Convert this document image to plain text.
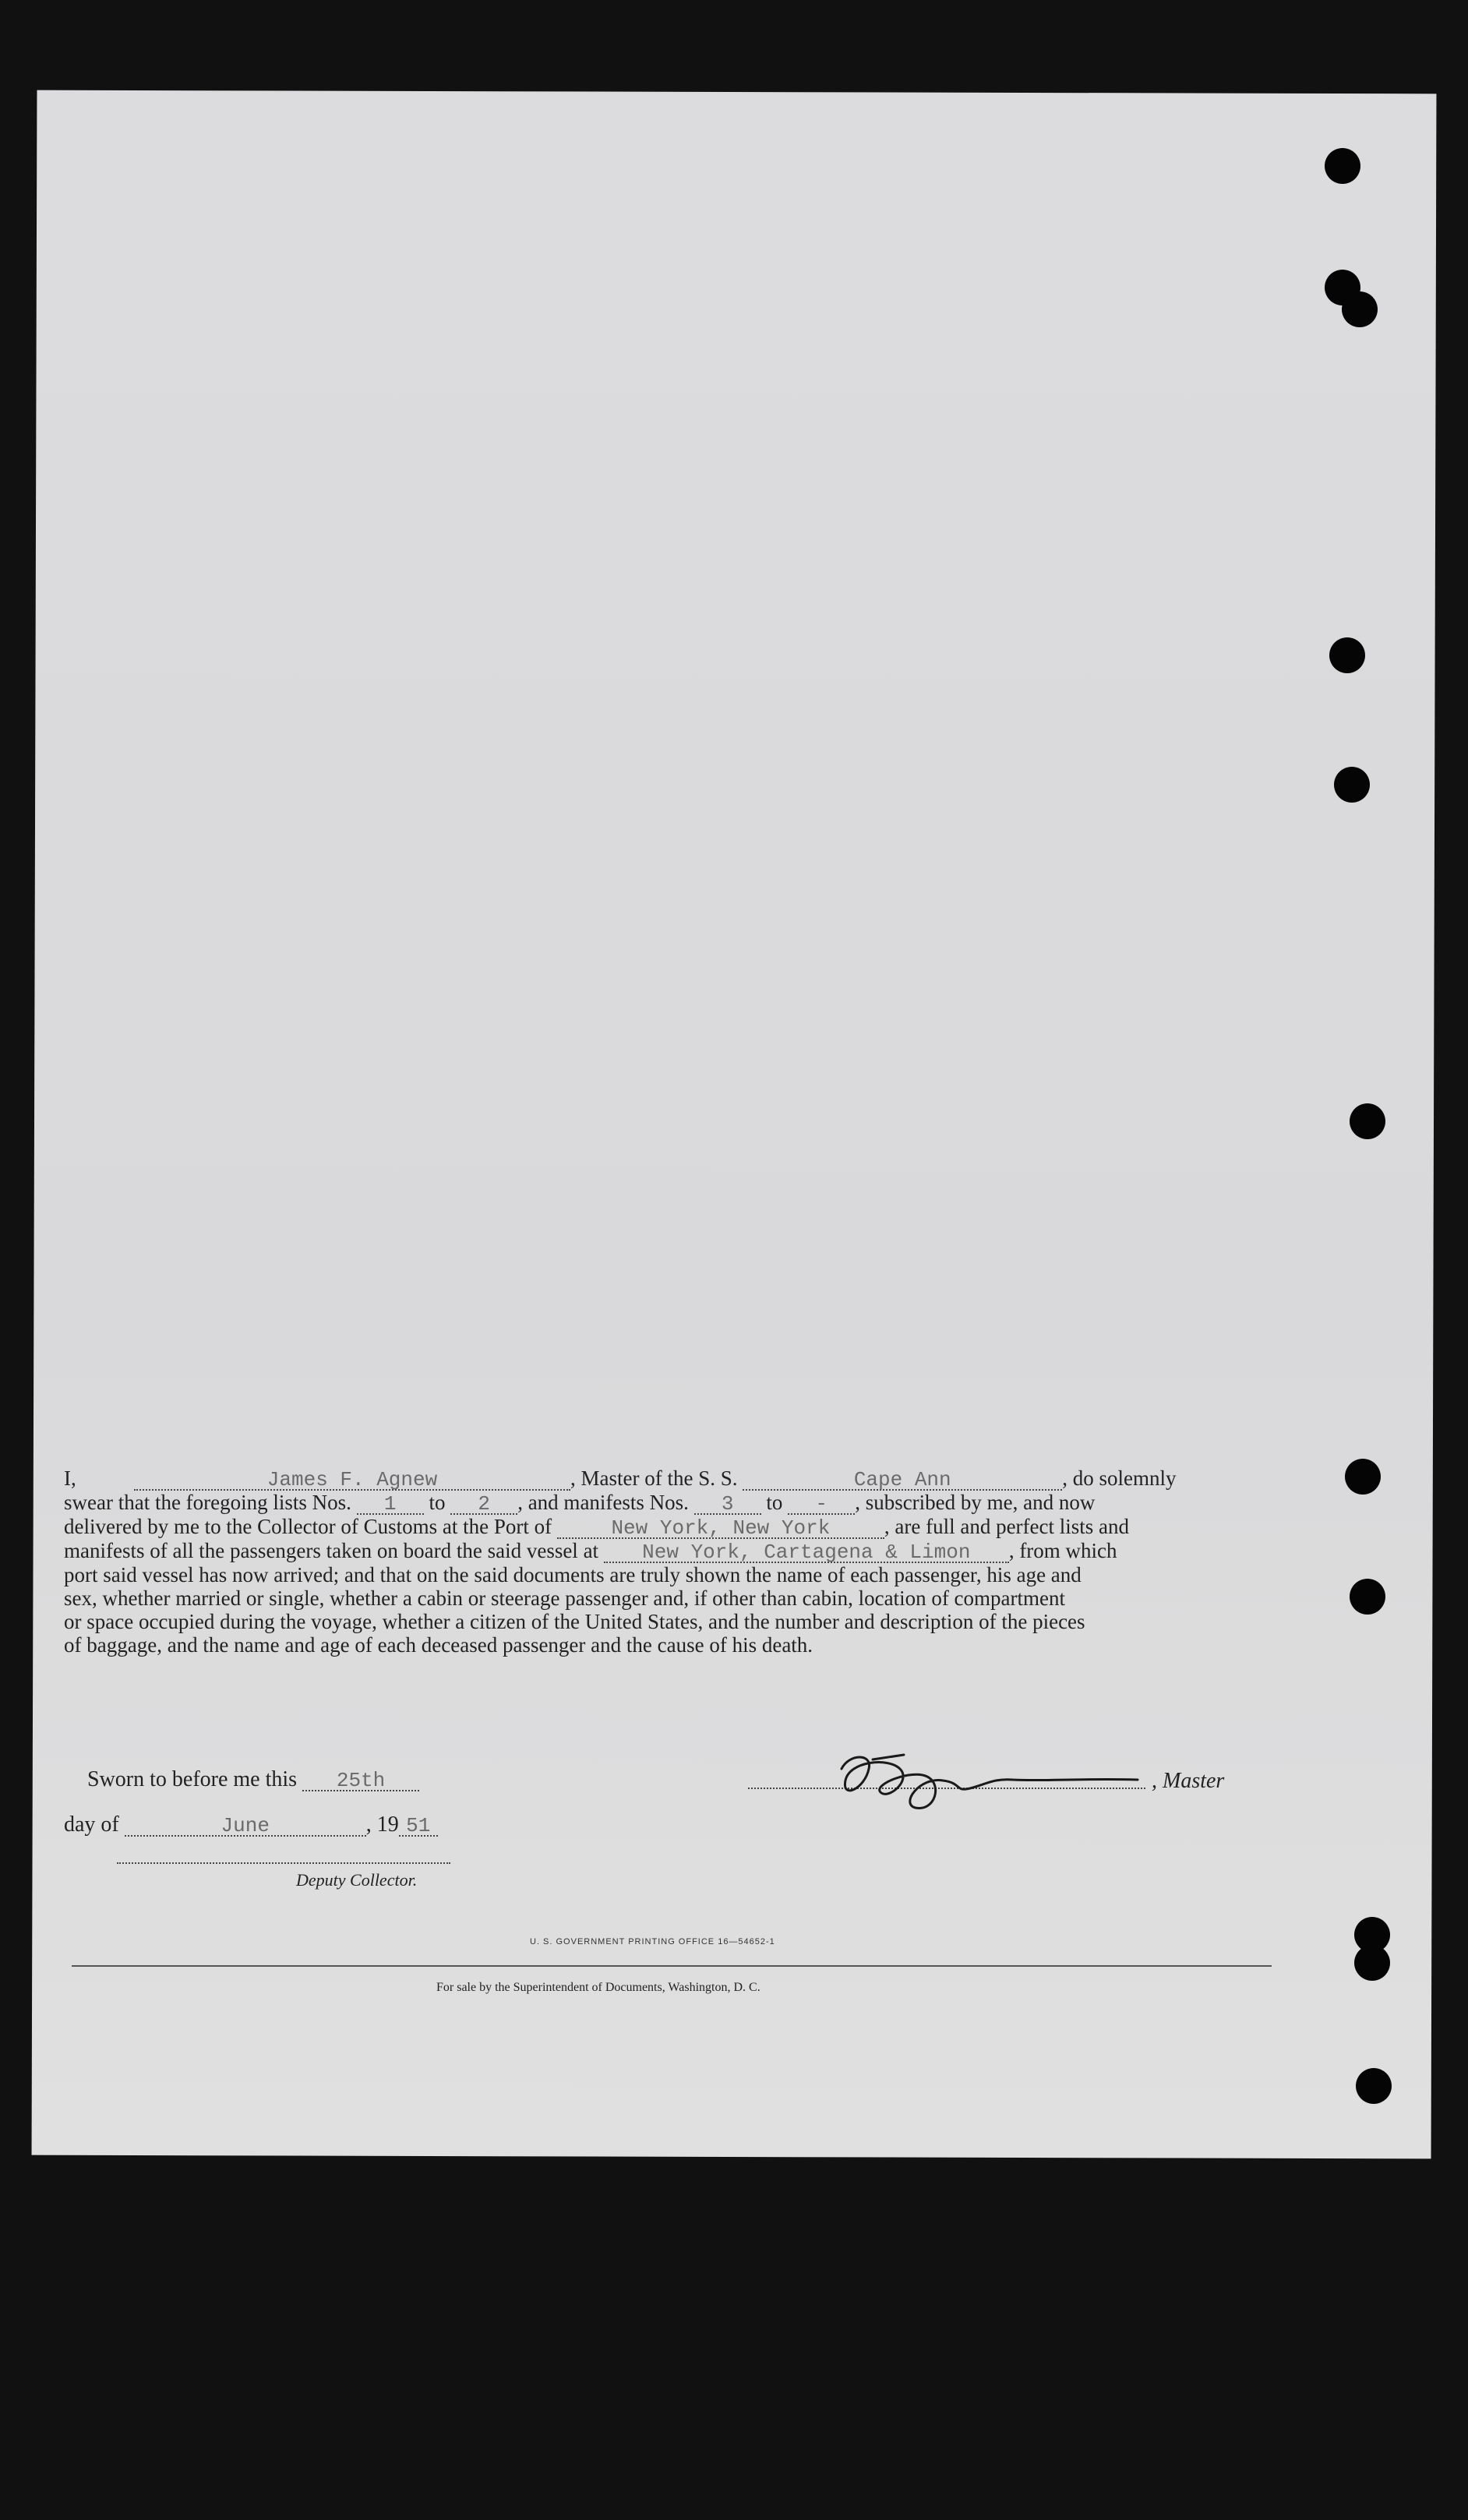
I,	James F. Agnew	, Master of the S. S.	Cape Ann	, do solemnly
swear that the foregoing lists Nos. 1 to 2 , and manifests Nos. 3 to - , subscribed by me, and now
delivered by me to the Collector of Customs at the Port of	New York, New York	, are full and perfect lists and
manifests of all the passengers taken on board the said vessel at New York, Cartagena & Limon , from which
port said vessel has now arrived; and that on the said documents are truly shown the name of each passenger, his age and
sex, whether married or single, whether a cabin or steerage passenger and, if other than cabin, location of compartment
or space occupied during the voyage, whether a citizen of the United States, and the number and description of the pieces
of baggage, and the name and age of each deceased passenger and the cause of his death.
Sworn to before me this 25th
day of	June	, 19 51
, Master
Deputy Collector.
U. S. GOVERNMENT PRINTING OFFICE 16—54652-1
For sale by the Superintendent of Documents, Washington, D. C.
